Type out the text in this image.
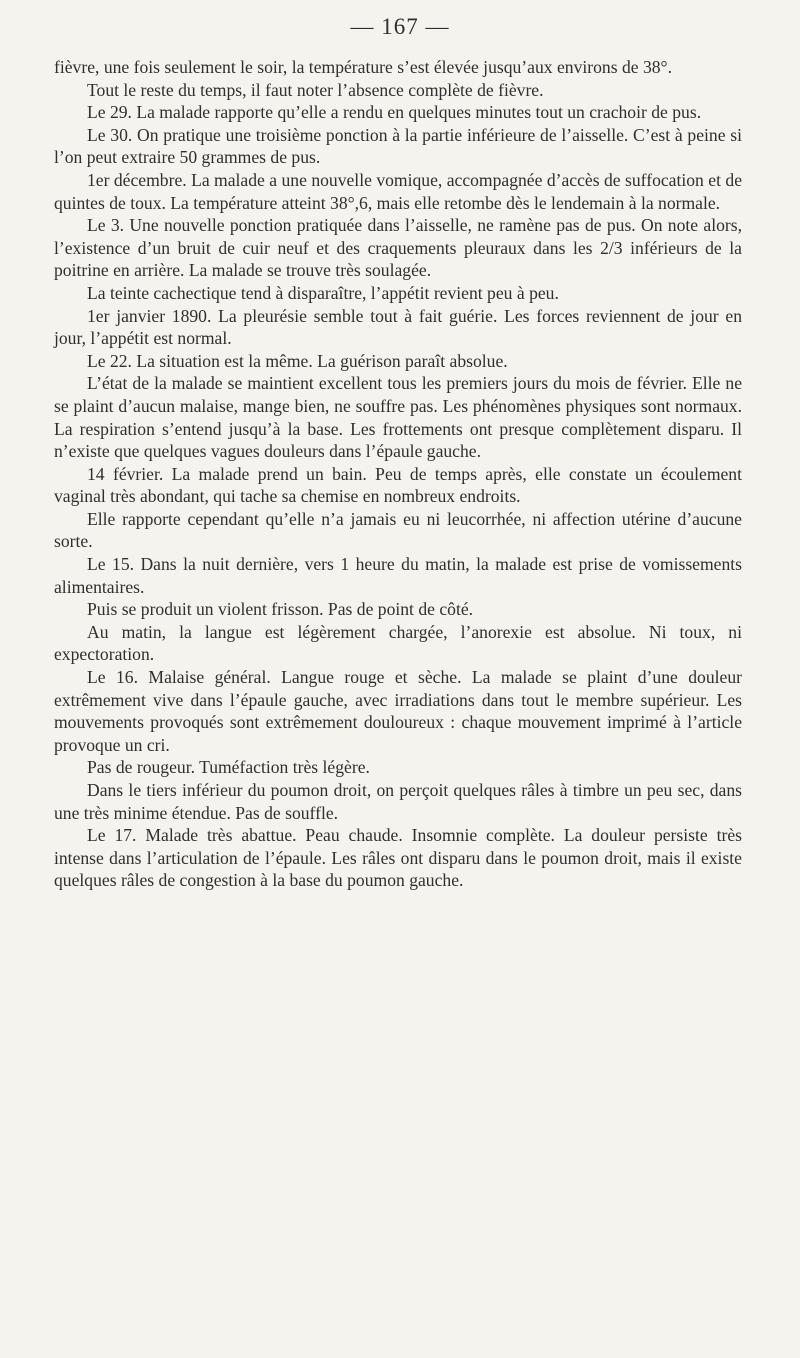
— 167 —

fièvre, une fois seulement le soir, la température s’est élevée jusqu’aux environs de 38°.

Tout le reste du temps, il faut noter l’absence complète de fièvre.

Le 29. La malade rapporte qu’elle a rendu en quelques minutes tout un crachoir de pus.

Le 30. On pratique une troisième ponction à la partie inférieure de l’aisselle. C’est à peine si l’on peut extraire 50 grammes de pus.

1er décembre. La malade a une nouvelle vomique, accompagnée d’accès de suffocation et de quintes de toux. La température atteint 38°,6, mais elle retombe dès le lendemain à la normale.

Le 3. Une nouvelle ponction pratiquée dans l’aisselle, ne ramène pas de pus. On note alors, l’existence d’un bruit de cuir neuf et des craquements pleuraux dans les 2/3 inférieurs de la poitrine en arrière. La malade se trouve très soulagée.

La teinte cachectique tend à disparaître, l’appétit revient peu à peu.

1er janvier 1890. La pleurésie semble tout à fait guérie. Les forces reviennent de jour en jour, l’appétit est normal.

Le 22. La situation est la même. La guérison paraît absolue.

L’état de la malade se maintient excellent tous les premiers jours du mois de février. Elle ne se plaint d’aucun malaise, mange bien, ne souffre pas. Les phénomènes physiques sont normaux. La respiration s’entend jusqu’à la base. Les frottements ont presque complètement disparu. Il n’existe que quelques vagues douleurs dans l’épaule gauche.

14 février. La malade prend un bain. Peu de temps après, elle constate un écoulement vaginal très abondant, qui tache sa chemise en nombreux endroits.

Elle rapporte cependant qu’elle n’a jamais eu ni leucorrhée, ni affection utérine d’aucune sorte.

Le 15. Dans la nuit dernière, vers 1 heure du matin, la malade est prise de vomissements alimentaires.

Puis se produit un violent frisson. Pas de point de côté.

Au matin, la langue est légèrement chargée, l’anorexie est absolue. Ni toux, ni expectoration.

Le 16. Malaise général. Langue rouge et sèche. La malade se plaint d’une douleur extrêmement vive dans l’épaule gauche, avec irradiations dans tout le membre supérieur. Les mouvements provoqués sont extrêmement douloureux : chaque mouvement imprimé à l’article provoque un cri.

Pas de rougeur. Tuméfaction très légère.

Dans le tiers inférieur du poumon droit, on perçoit quelques râles à timbre un peu sec, dans une très minime étendue. Pas de souffle.

Le 17. Malade très abattue. Peau chaude. Insomnie complète. La douleur persiste très intense dans l’articulation de l’épaule. Les râles ont disparu dans le poumon droit, mais il existe quelques râles de congestion à la base du poumon gauche.
